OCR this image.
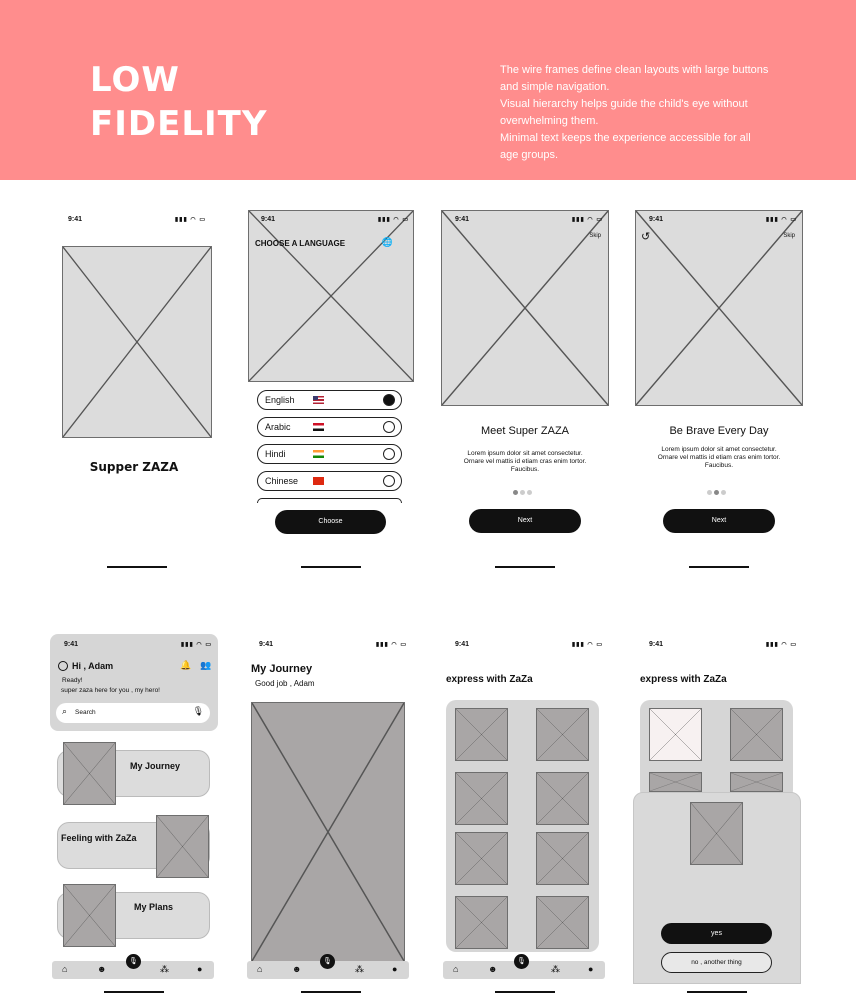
LOW
FIDELITY

The wire frames define clean layouts with large buttons and simple navigation.

Visual hierarchy helps guide the child's eye without overwhelming them.

Minimal text keeps the experience accessible for all age groups.

9:41	▮▮▮ ◠ ▭
Supper ZAZA
9:41	▮▮▮ ◠ ▭
CHOOSE A LANGUAGE	🌐
English
Arabic
Hindi
Chinese
Choose
9:41	▮▮▮ ◠ ▭
Skip
Meet Super ZAZA
Lorem ipsum dolor sit amet consectetur. Ornare vel mattis id etiam cras enim tortor. Faucibus.
Next
9:41	▮▮▮ ◠ ▭
↺	Skip
Be Brave Every Day
Lorem ipsum dolor sit amet consectetur. Ornare vel mattis id etiam cras enim tortor. Faucibus.
Next
9:41	▮▮▮ ◠ ▭
Hi , Adam	🔔 👥
Ready!
super zaza here for you , my hero!
⌕ Search	🎙
My Journey
Feeling with ZaZa
My Plans
⌂	☻	⁂	●
🎙
9:41	▮▮▮ ◠ ▭
My Journey
Good job , Adam
⌂	☻	⁂	●
🎙
9:41	▮▮▮ ◠ ▭
express with ZaZa
⌂	☻	⁂	●
🎙
9:41	▮▮▮ ◠ ▭
express with ZaZa
yes
no , another thing
